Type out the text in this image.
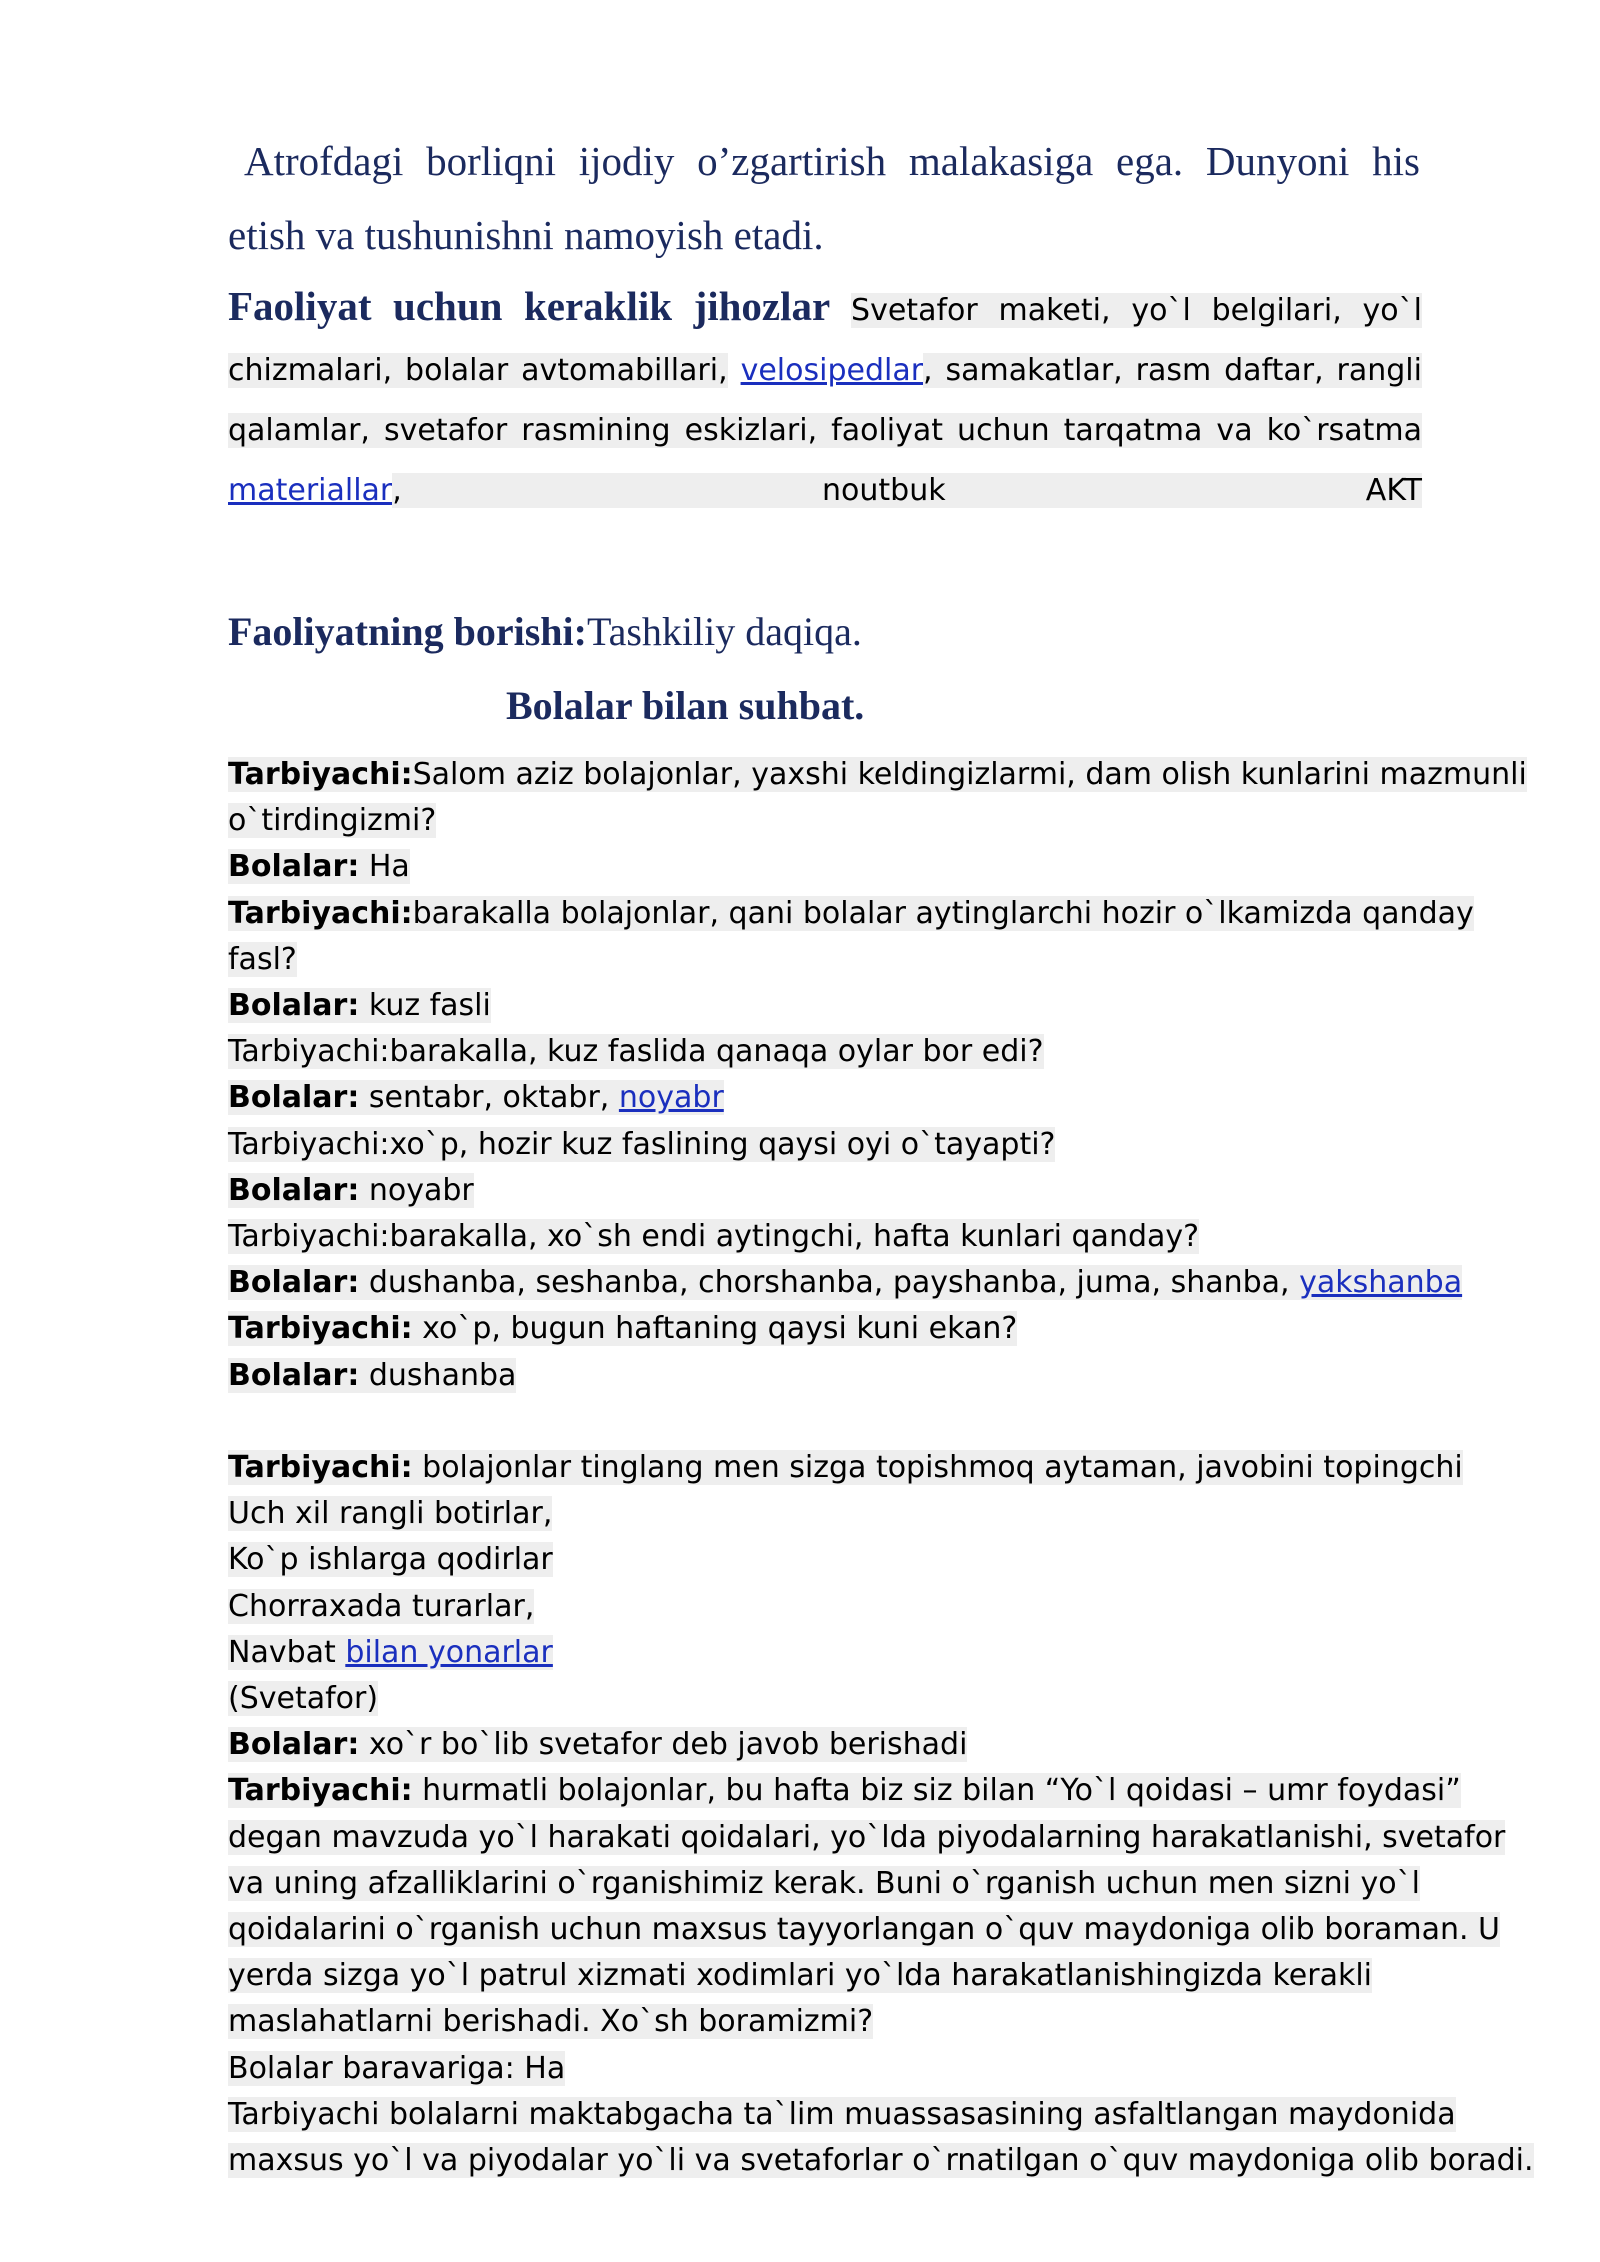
Atrofdagi borliqni ijodiy o’zgartirish malakasiga ega. Dunyoni his etish va tushunishni namoyish etadi.
Faoliyat uchun keraklik jihozlar Svetafor maketi, yo`l belgilari, yo`l chizmalari, bolalar avtomabillari, velosipedlar, samakatlar, rasm daftar, rangli qalamlar, svetafor rasmining eskizlari, faoliyat uchun tarqatma va ko`rsatma materiallar, noutbuk AKT
Faoliyatning borishi:Tashkiliy daqiqa.
Bolalar bilan suhbat.
Tarbiyachi:Salom aziz bolajonlar, yaxshi keldingizlarmi, dam olish kunlarini mazmunli
o`tirdingizmi?
Bolalar: Ha
Tarbiyachi:barakalla bolajonlar, qani bolalar aytinglarchi hozir o`lkamizda qanday
fasl?
Bolalar: kuz fasli
Tarbiyachi:barakalla, kuz faslida qanaqa oylar bor edi?
Bolalar: sentabr, oktabr, noyabr
Tarbiyachi:xo`p, hozir kuz faslining qaysi oyi o`tayapti?
Bolalar: noyabr
Tarbiyachi:barakalla, xo`sh endi aytingchi, hafta kunlari qanday?
Bolalar: dushanba, seshanba, chorshanba, payshanba, juma, shanba, yakshanba
Tarbiyachi: xo`p, bugun haftaning qaysi kuni ekan?
Bolalar: dushanba
Tarbiyachi: bolajonlar tinglang men sizga topishmoq aytaman, javobini topingchi
Uch xil rangli botirlar,
Ko`p ishlarga qodirlar
Chorraxada turarlar,
Navbat bilan yonarlar
(Svetafor)
Bolalar: xo`r bo`lib svetafor deb javob berishadi
Tarbiyachi: hurmatli bolajonlar, bu hafta biz siz bilan “Yo`l qoidasi – umr foydasi”
degan mavzuda yo`l harakati qoidalari, yo`lda piyodalarning harakatlanishi, svetafor
va uning afzalliklarini o`rganishimiz kerak. Buni o`rganish uchun men sizni yo`l
qoidalarini o`rganish uchun maxsus tayyorlangan o`quv maydoniga olib boraman. U
yerda sizga yo`l patrul xizmati xodimlari yo`lda harakatlanishingizda kerakli
maslahatlarni berishadi. Xo`sh boramizmi?
Bolalar baravariga: Ha
Tarbiyachi bolalarni maktabgacha ta`lim muassasasining asfaltlangan maydonida
maxsus yo`l va piyodalar yo`li va svetaforlar o`rnatilgan o`quv maydoniga olib boradi.
